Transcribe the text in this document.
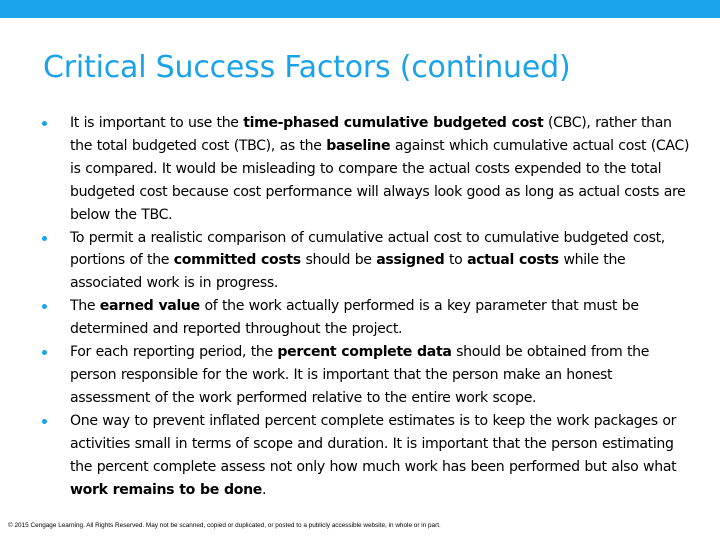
Critical Success Factors (continued)
It is important to use the time-phased cumulative budgeted cost (CBC), rather than the total budgeted cost (TBC), as the baseline against which cumulative actual cost (CAC) is compared. It would be misleading to compare the actual costs expended to the total budgeted cost because cost performance will always look good as long as actual costs are below the TBC.
To permit a realistic comparison of cumulative actual cost to cumulative budgeted cost, portions of the committed costs should be assigned to actual costs while the associated work is in progress.
The earned value of the work actually performed is a key parameter that must be determined and reported throughout the project.
For each reporting period, the percent complete data should be obtained from the person responsible for the work. It is important that the person make an honest assessment of the work performed relative to the entire work scope.
One way to prevent inflated percent complete estimates is to keep the work packages or activities small in terms of scope and duration. It is important that the person estimating the percent complete assess not only how much work has been performed but also what work remains to be done.
© 2015 Cengage Learning. All Rights Reserved. May not be scanned, copied or duplicated, or posted to a publicly accessible website, in whole or in part.
